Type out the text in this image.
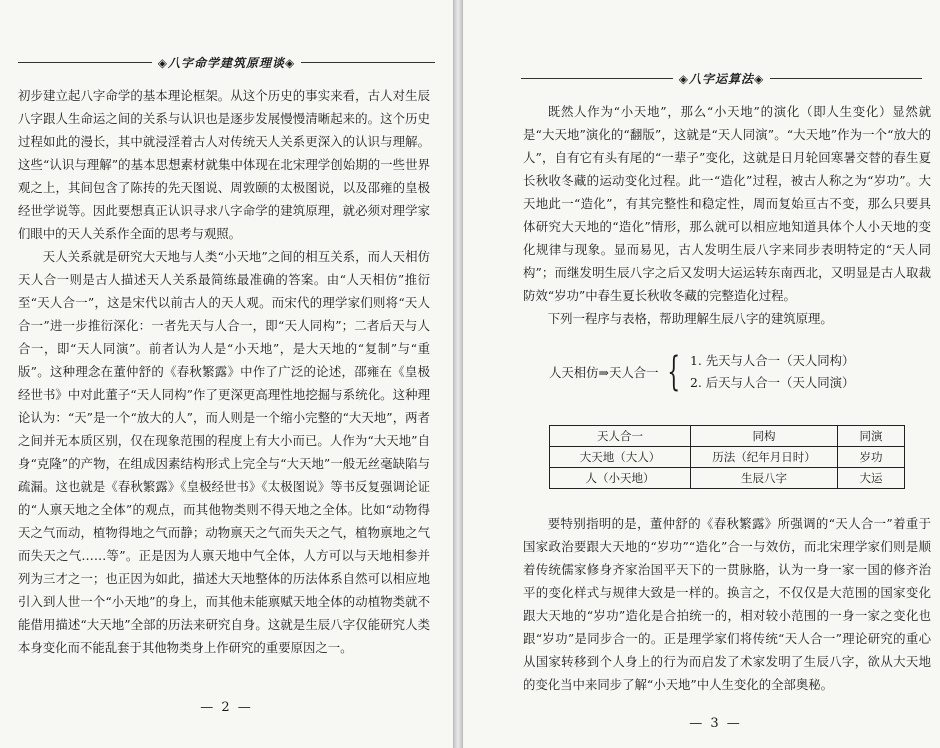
◈八字命学建筑原理谈◈

初步建立起八字命学的基本理论框架。从这个历史的事实来看，古人对生辰八字跟人生命运之间的关系与认识也是逐步发展慢慢清晰起来的。这个历史过程如此的漫长，其中就浸淫着古人对传统天人关系更深入的认识与理解。这些“认识与理解”的基本思想素材就集中体现在北宋理学创始期的一些世界观之上，其间包含了陈抟的先天图说、周敦颐的太极图说，以及邵雍的皇极经世学说等。因此要想真正认识寻求八字命学的建筑原理，就必须对理学家们眼中的天人关系作全面的思考与观照。

天人关系就是研究大天地与人类“小天地”之间的相互关系，而人天相仿天人合一则是古人描述天人关系最简练最准确的答案。由“人天相仿”推衍至“天人合一”，这是宋代以前古人的天人观。而宋代的理学家们则将“天人合一”进一步推衍深化：一者先天与人合一，即“天人同构”；二者后天与人合一，即“天人同演”。前者认为人是“小天地”，是大天地的“复制”与“重版”。这种理念在董仲舒的《春秋繁露》中作了广泛的论述，邵雍在《皇极经世书》中对此董子“天人同构”作了更深更高理性地挖掘与系统化。这种理论认为：“天”是一个“放大的人”，而人则是一个缩小完整的“大天地”，两者之间并无本质区别，仅在现象范围的程度上有大小而已。人作为“大天地”自身“克隆”的产物，在组成因素结构形式上完全与“大天地”一般无丝毫缺陷与疏漏。这也就是《春秋繁露》《皇极经世书》《太极图说》等书反复强调论证的“人禀天地之全体”的观点，而其他物类则不得天地之全体。比如“动物得天之气而动，植物得地之气而静；动物禀天之气而失天之气，植物禀地之气而失天之气……等”。正是因为人禀天地中气全体，人方可以与天地相参并列为三才之一；也正因为如此，描述大天地整体的历法体系自然可以相应地引入到人世一个“小天地”的身上，而其他未能禀赋天地全体的动植物类就不能借用描述“大天地”全部的历法来研究自身。这就是生辰八字仅能研究人类本身变化而不能乱套于其他物类身上作研究的重要原因之一。

— 2 —
◈八字运算法◈

既然人作为“小天地”，那么“小天地”的演化（即人生变化）显然就是“大天地”演化的“翻版”，这就是“天人同演”。“大天地”作为一个“放大的人”，自有它有头有尾的“一辈子”变化，这就是日月轮回寒暑交替的春生夏长秋收冬藏的运动变化过程。此一“造化”过程，被古人称之为“岁功”。大天地此一“造化”，有其完整性和稳定性，周而复始亘古不变，那么只要具体研究大天地的“造化”情形，那么就可以相应地知道具体个人小天地的变化规律与现象。显而易见，古人发明生辰八字来同步表明特定的“天人同构”；而继发明生辰八字之后又发明大运运转东南西北，又明显是古人取裁防效“岁功”中春生夏长秋收冬藏的完整造化过程。

下列一程序与表格，帮助理解生辰八字的建筑原理。

人天相仿⇒天人合一 { 1. 先天与人合一（天人同构）
2. 后天与人合一（天人同演）
天人合一	同构	同演
大天地（大人）	历法（纪年月日时）	岁功
人（小天地）	生辰八字	大运

要特别指明的是，董仲舒的《春秋繁露》所强调的“天人合一”着重于国家政治要跟大天地的“岁功”“造化”合一与效仿，而北宋理学家们则是顺着传统儒家修身齐家治国平天下的一贯脉胳，认为一身一家一国的修齐治平的变化样式与规律大致是一样的。换言之，不仅仅是大范围的国家变化跟大天地的“岁功”造化是合拍统一的，相对较小范围的一身一家之变化也跟“岁功”是同步合一的。正是理学家们将传统“天人合一”理论研究的重心从国家转移到个人身上的行为而启发了术家发明了生辰八字，欲从大天地的变化当中来同步了解“小天地”中人生变化的全部奥秘。

— 3 —
